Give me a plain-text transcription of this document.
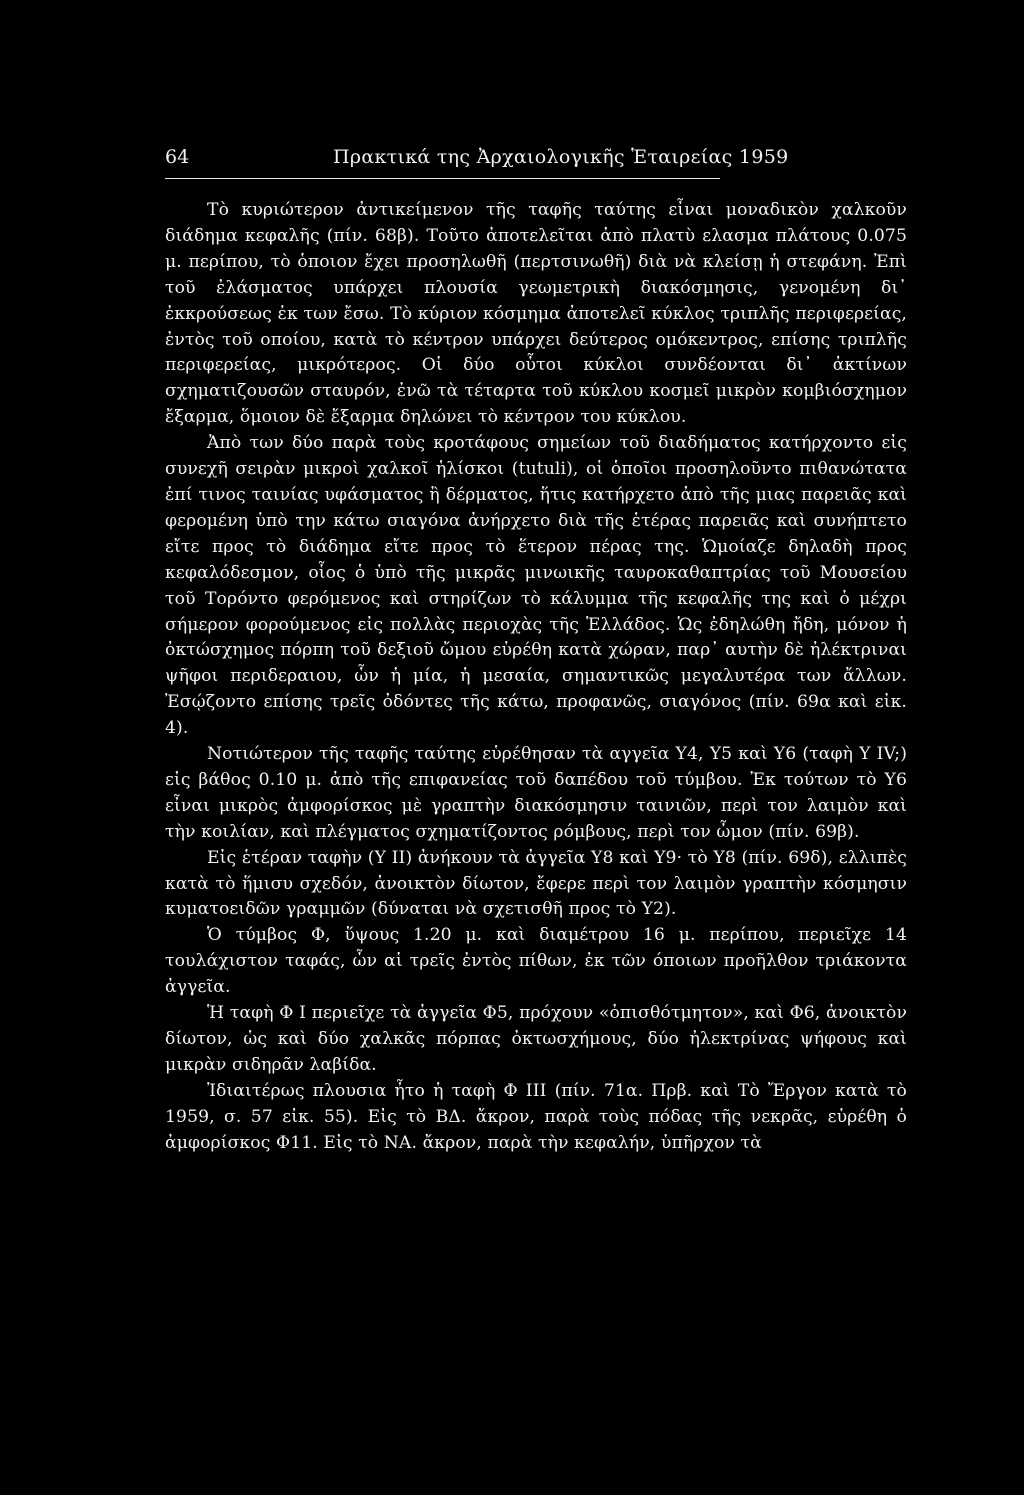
64	Πρακτικά της Ἀρχαιολογικῆς Ἑταιρείας 1959

Τὸ κυριώτερον ἀντικείμενον τῆς ταφῆς ταύτης εἶναι μοναδικὸν χαλκοῦν διάδημα κεφαλῆς (πίν. 68β). Τοῦτο ἀποτελεῖται ἀπὸ πλατὺ ελασμα πλάτους 0.075 μ. περίπου, τὸ ὁποιον ἔχει προσηλωθῆ (περτσινωθῆ) διὰ νὰ κλείσῃ ἡ στεφάνη. Ἐπὶ τοῦ ἐλάσματος υπάρχει πλουσία γεωμετρικὴ διακόσμησις, γενομένη δι᾿ ἐκκρούσεως ἐκ των ἔσω. Τὸ κύριον κόσμημα ἀποτελεῖ κύκλος τριπλῆς περιφερείας, ἐντὸς τοῦ οποίου, κατὰ τὸ κέντρον υπάρχει δεύτερος ομόκεντρος, επίσης τριπλῆς περιφερείας, μικρότερος. Οἱ δύο οὗτοι κύκλοι συνδέονται δι᾿ ἀκτίνων σχηματιζουσῶν σταυρόν, ἐνῶ τὰ τέταρτα τοῦ κύκλου κοσμεῖ μικρὸν κομβιόσχημον ἔξαρμα, ὅμοιον δὲ ἔξαρμα δηλώνει τὸ κέντρον του κύκλου.

Ἀπὸ των δύο παρὰ τοὺς κροτάφους σημείων τοῦ διαδήματος κατήρχοντο εἰς συνεχῆ σειρὰν μικροὶ χαλκοῖ ἡλίσκοι (tutuli), οἱ ὁποῖοι προσηλοῦντο πιθανώτατα ἐπί τινος ταινίας υφάσματος ἢ δέρματος, ἥτις κατήρχετο ἀπὸ τῆς μιας παρειᾶς καὶ φερομένη ὑπὸ την κάτω σιαγόνα ἀνήρχετο διὰ τῆς ἑτέρας παρειᾶς καὶ συνήπτετο εἴτε προς τὸ διάδημα εἴτε προς τὸ ἕτερον πέρας της. Ὡμοίαζε δηλαδὴ προς κεφαλόδεσμον, οἷος ὁ ὑπὸ τῆς μικρᾶς μινωικῆς ταυροκαθαπτρίας τοῦ Μουσείου τοῦ Τορόντο φερόμενος καὶ στηρίζων τὸ κάλυμμα τῆς κεφαλῆς της καὶ ὁ μέχρι σήμερον φορούμενος εἰς πολλὰς περιοχὰς τῆς Ἑλλάδος. Ὡς ἐδηλώθη ἤδη, μόνον ἡ ὀκτώσχημος πόρπη τοῦ δεξιοῦ ὤμου εὑρέθη κατὰ χώραν, παρ᾿ αυτὴν δὲ ἠλέκτριναι ψῆφοι περιδεραιου, ὧν ἡ μία, ἡ μεσαία, σημαντικῶς μεγαλυτέρα των ἄλλων. Ἐσῴζοντο επίσης τρεῖς ὀδόντες τῆς κάτω, προφανῶς, σιαγόνος (πίν. 69α καὶ εἰκ. 4).

Νοτιώτερον τῆς ταφῆς ταύτης εὑρέθησαν τὰ αγγεῖα Υ4, Υ5 καὶ Υ6 (ταφὴ Υ IV;) εἰς βάθος 0.10 μ. ἀπὸ τῆς επιφανείας τοῦ δαπέδου τοῦ τύμβου. Ἐκ τούτων τὸ Υ6 εἶναι μικρὸς ἀμφορίσκος μὲ γραπτὴν διακόσμησιν ταινιῶν, περὶ τον λαιμὸν καὶ τὴν κοιλίαν, καὶ πλέγματος σχηματίζοντος ρόμβους, περὶ τον ὦμον (πίν. 69β).

Εἰς ἑτέραν ταφὴν (Υ ΙΙ) ἀνήκουν τὰ ἀγγεῖα Υ8 καὶ Υ9· τὸ Υ8 (πίν. 69δ), ελλιπὲς κατὰ τὸ ἥμισυ σχεδόν, ἀνοικτὸν δίωτον, ἔφερε περὶ τον λαιμὸν γραπτὴν κόσμησιν κυματοειδῶν γραμμῶν (δύναται νὰ σχετισθῆ προς τὸ Υ2).

Ὁ τύμβος Φ, ὕψους 1.20 μ. καὶ διαμέτρου 16 μ. περίπου, περιεῖχε 14 τουλάχιστον ταφάς, ὧν αἱ τρεῖς ἐντὸς πίθων, ἐκ τῶν όποιων προῆλθον τριάκοντα ἀγγεῖα.

Ἡ ταφὴ Φ Ι περιεῖχε τὰ ἀγγεῖα Φ5, πρόχουν «ὀπισθότμητον», καὶ Φ6, ἀνοικτὸν δίωτον, ὡς καὶ δύο χαλκᾶς πόρπας ὀκτωσχήμους, δύο ἠλεκτρίνας ψήφους καὶ μικρὰν σιδηρᾶν λαβίδα.

Ἰδιαιτέρως πλουσια ἦτο ἡ ταφὴ Φ ΙΙΙ (πίν. 71α. Πρβ. καὶ Τὸ Ἔργον κατὰ τὸ 1959, σ. 57 εἰκ. 55). Εἰς τὸ ΒΔ. ἄκρον, παρὰ τοὺς πόδας τῆς νεκρᾶς, εὑρέθη ὁ ἀμφορίσκος Φ11. Εἰς τὸ ΝΑ. ἄκρον, παρὰ τὴν κεφαλήν, ὑπῆρχον τὰ
